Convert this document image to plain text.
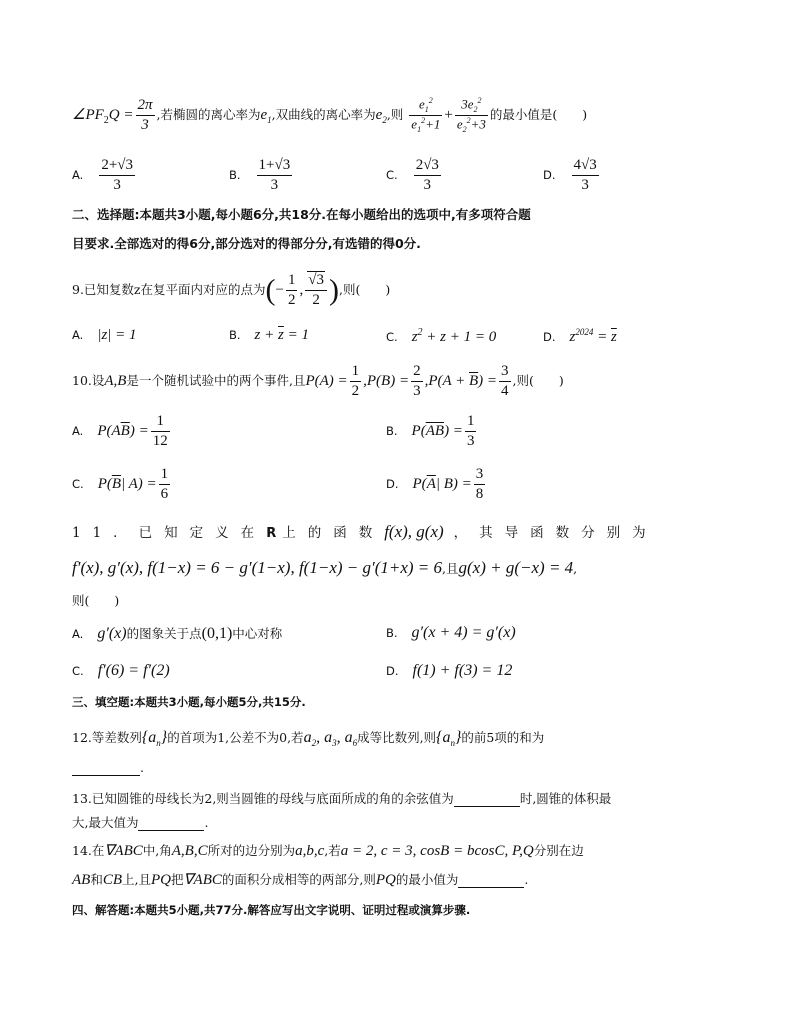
$\angle PF_2Q = \frac{2\pi}{3}$ ,若椭圆的离心率为$e_1$,双曲线的离心率为$e_2$,则 $\frac{e_1^2}{e_1^2+1} + \frac{3e_2^2}{e_2^2+3}$ 的最小值是(　　)
A. $\frac{2+√3}{3}$	B. $\frac{1+√3}{3}$	C. $\frac{2√3}{3}$	D. $\frac{4√3}{3}$
二、选择题:本题共3小题,每小题6分,共18分.在每小题给出的选项中,有多项符合题
目要求.全部选对的得6分,部分选对的得部分分,有选错的得0分.
9.已知复数z在复平面内对应的点为(− $\frac{1}{2}$ , $\frac{√3}{2}$ ),则(　　)
A. |z| = 1	B. $z + \overline{z} = 1$	C. $z^2 + z + 1 = 0$	D. $z^{2024} = \overline{z}$
10.设A,B是一个随机试验中的两个事件,且$P(A) = \frac{1}{2} ,P(B) = \frac{2}{3} ,P(A + \overline{B}) = \frac{3}{4}$ ,则(　　)
A. $P(A\overline{B}) = \frac{1}{12}$	B. $P(\overline{A}\overline{B}) = \frac{1}{3}$
C. $P(\overline{B}|$ $A) = \frac{1}{6}$	D. $P(\overline{A}|$ $B) = \frac{3}{8}$
11．已知定义在R 上的函数f(x), g(x) ，其导函数分别为
f′(x), g′(x), f(1−x) = 6 − g′(1−x), f(1−x) − g′(1+x) = 6,且g(x) + g(−x) = 4,
则(　　)
A. g′(x)的图象关于点(0,1)中心对称	B. g′(x + 4) = g′(x)
C. f′(6) = f′(2)	D. f(1) + f(3) = 12
三、填空题:本题共3小题,每小题5分,共15分.
12.等差数列$\{a_n\}$的首项为1,公差不为0,若$a_2$, $a_3$, $a_6$成等比数列,则$\{a_n\}$的前5项的和为
.
13.已知圆锥的母线长为2,则当圆锥的母线与底面所成的角的余弦值为	时,圆锥的体积最
大,最大值为	.
14.在∇ABC中,角A,B,C所对的边分别为a,b,c,若a = 2, c = 3, cosB = bcosC, P,Q分别在边
AB和CB上,且PQ把∇ABC的面积分成相等的两部分,则PQ的最小值为	.
四、解答题:本题共5小题,共77分.解答应写出文字说明、证明过程或演算步骤.
